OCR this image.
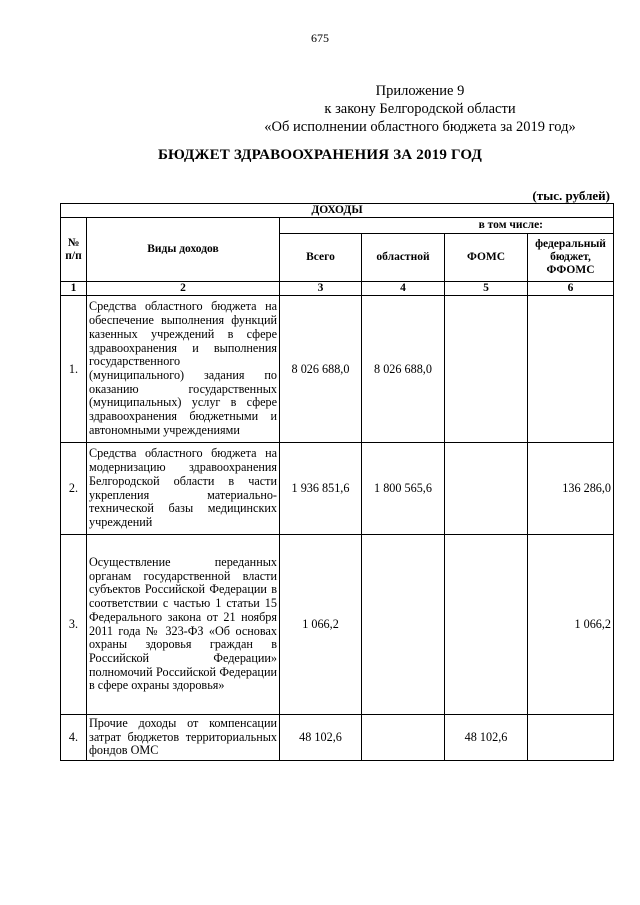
675
Приложение 9
к закону Белгородской области
«Об исполнении областного бюджета за 2019 год»
БЮДЖЕТ ЗДРАВООХРАНЕНИЯ ЗА 2019 ГОД
(тыс. рублей)
ДОХОДЫ					
№ п/п	Виды доходов	в том числе:			
		Всего	областной	ФОМС	федеральный бюджет, ФФОМС
1	2	3	4	5	6
1.	Средства областного бюджета на обеспечение выполнения функций казенных учреждений в сфере здравоохранения и выполнения государственного (муниципального) задания по оказанию государственных (муниципальных) услуг в сфере здравоохранения бюджетными и автономными учреждениями	8 026 688,0	8 026 688,0		
2.	Средства областного бюджета на модернизацию здравоохранения Белгородской области в части укрепления материально-технической базы медицинских учреждений	1 936 851,6	1 800 565,6		136 286,0
3.	Осуществление переданных органам государственной власти субъектов Российской Федерации в соответствии с частью 1 статьи 15 Федерального закона от 21 ноября 2011 года № 323-ФЗ «Об основах охраны здоровья граждан в Российской Федерации» полномочий Российской Федерации в сфере охраны здоровья»	1 066,2			1 066,2
4.	Прочие доходы от компенсации затрат бюджетов территориальных фондов ОМС	48 102,6		48 102,6	
